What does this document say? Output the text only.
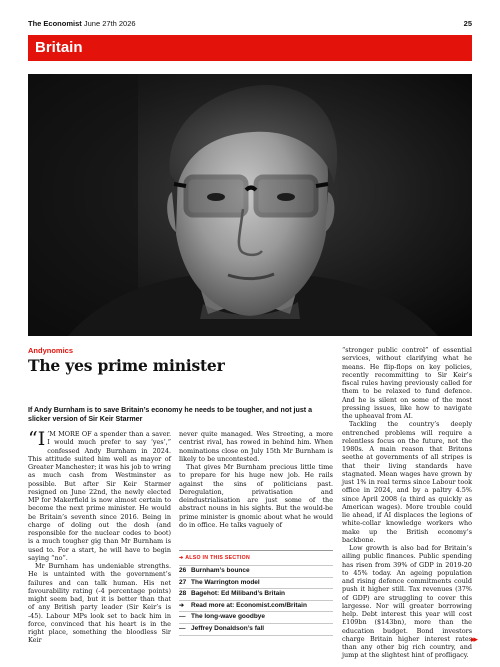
The Economist June 27th 2026	25
Britain
Andynomics
The yes prime minister
If Andy Burnham is to save Britain’s economy he needs to be tougher, and not just a slicker version of Sir Keir Starmer

“I ’M MORE OF a spender than a saver. I would much prefer to say ‘yes’,” confessed Andy Burnham in 2024. This attitude suited him well as mayor of Greater Manchester; it was his job to wring as much cash from Westminster as possible. But after Sir Keir Starmer resigned on June 22nd, the newly elected MP for Makerfield is now almost certain to become the next prime minister. He would be Britain’s seventh since 2016. Being in charge of doling out the dosh (and responsible for the nuclear codes to boot) is a much tougher gig than Mr Burnham is used to. For a start, he will have to begin saying “no”.

Mr Burnham has undeniable strengths. He is untainted with the government’s failures and can talk human. His net favourability rating (-4 percentage points) might seem bad, but it is better than that of any British party leader (Sir Keir’s is -45). Labour MPs look set to back him in force, convinced that his heart is in the right place, something the bloodless Sir Keir

never quite managed. Wes Streeting, a more centrist rival, has rowed in behind him. When nominations close on July 15th Mr Burnham is likely to be uncontested.

That gives Mr Burnham precious little time to prepare for his huge new job. He rails against the sins of politicians past. Deregulation, privatisation and deindustrialisation are just some of the abstract nouns in his sights. But the would-be prime minister is gnomic about what he would do in office. He talks vaguely of

➔ ALSO IN THIS SECTION
26 Burnham’s bounce
27 The Warrington model
28 Bagehot: Ed Miliband’s Britain
➔ Read more at: Economist.com/Britain
— The long-wave goodbye
— Jeffrey Donaldson’s fall

“stronger public control” of essential services, without clarifying what he means. He flip-flops on key policies, recently recommitting to Sir Keir’s fiscal rules having previously called for them to be relaxed to fund defence. And he is silent on some of the most pressing issues, like how to navigate the upheaval from AI.

Tackling the country’s deeply entrenched problems will require a relentless focus on the future, not the 1980s. A main reason that Britons seethe at governments of all stripes is that their living standards have stagnated. Mean wages have grown by just 1% in real terms since Labour took office in 2024, and by a paltry 4.5% since April 2008 (a third as quickly as American wages). More trouble could lie ahead, if AI displaces the legions of white-collar knowledge workers who make up the British economy’s backbone.

Low growth is also bad for Britain’s ailing public finances. Public spending has risen from 39% of GDP in 2019-20 to 45% today. An ageing population and rising defence commitments could push it higher still. Tax revenues (37% of GDP) are struggling to cover this largesse. Nor will greater borrowing help. Debt interest this year will cost £109bn ($143bn), more than the education budget. Bond investors charge Britain higher interest rates than any other big rich country, and jump at the slightest hint of profligacy.

▸▸
